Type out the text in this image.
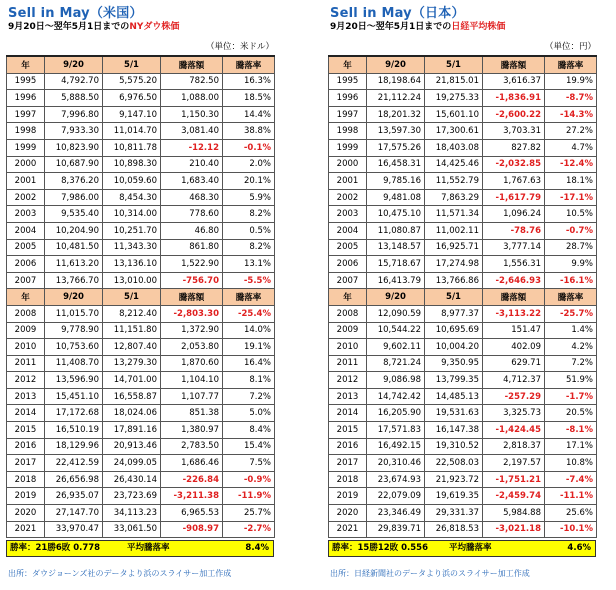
Sell in May（米国）
9月20日～翌年5月1日までのNYダウ株価
（単位：米ドル）
年	9/20	5/1	騰落額	騰落率
1995	4,792.70	5,575.20	782.50	16.3%
1996	5,888.50	6,976.50	1,088.00	18.5%
1997	7,996.80	9,147.10	1,150.30	14.4%
1998	7,933.30	11,014.70	3,081.40	38.8%
1999	10,823.90	10,811.78	-12.12	-0.1%
2000	10,687.90	10,898.30	210.40	2.0%
2001	8,376.20	10,059.60	1,683.40	20.1%
2002	7,986.00	8,454.30	468.30	5.9%
2003	9,535.40	10,314.00	778.60	8.2%
2004	10,204.90	10,251.70	46.80	0.5%
2005	10,481.50	11,343.30	861.80	8.2%
2006	11,613.20	13,136.10	1,522.90	13.1%
2007	13,766.70	13,010.00	-756.70	-5.5%
年	9/20	5/1	騰落額	騰落率
2008	11,015.70	8,212.40	-2,803.30	-25.4%
2009	9,778.90	11,151.80	1,372.90	14.0%
2010	10,753.60	12,807.40	2,053.80	19.1%
2011	11,408.70	13,279.30	1,870.60	16.4%
2012	13,596.90	14,701.00	1,104.10	8.1%
2013	15,451.10	16,558.87	1,107.77	7.2%
2014	17,172.68	18,024.06	851.38	5.0%
2015	16,510.19	17,891.16	1,380.97	8.4%
2016	18,129.96	20,913.46	2,783.50	15.4%
2017	22,412.59	24,099.05	1,686.46	7.5%
2018	26,656.98	26,430.14	-226.84	-0.9%
2019	26,935.07	23,723.69	-3,211.38	-11.9%
2020	27,147.70	34,113.23	6,965.53	25.7%
2021	33,970.47	33,061.50	-908.97	-2.7%
勝率：21勝6敗 0.778	平均騰落率	8.4%
出所：ダウジョーンズ社のデータより浜のスライサー加工作成
Sell in May（日本）
9月20日～翌年5月1日までの日経平均株価
（単位：円）
年	9/20	5/1	騰落額	騰落率
1995	18,198.64	21,815.01	3,616.37	19.9%
1996	21,112.24	19,275.33	-1,836.91	-8.7%
1997	18,201.32	15,601.10	-2,600.22	-14.3%
1998	13,597.30	17,300.61	3,703.31	27.2%
1999	17,575.26	18,403.08	827.82	4.7%
2000	16,458.31	14,425.46	-2,032.85	-12.4%
2001	9,785.16	11,552.79	1,767.63	18.1%
2002	9,481.08	7,863.29	-1,617.79	-17.1%
2003	10,475.10	11,571.34	1,096.24	10.5%
2004	11,080.87	11,002.11	-78.76	-0.7%
2005	13,148.57	16,925.71	3,777.14	28.7%
2006	15,718.67	17,274.98	1,556.31	9.9%
2007	16,413.79	13,766.86	-2,646.93	-16.1%
年	9/20	5/1	騰落額	騰落率
2008	12,090.59	8,977.37	-3,113.22	-25.7%
2009	10,544.22	10,695.69	151.47	1.4%
2010	9,602.11	10,004.20	402.09	4.2%
2011	8,721.24	9,350.95	629.71	7.2%
2012	9,086.98	13,799.35	4,712.37	51.9%
2013	14,742.42	14,485.13	-257.29	-1.7%
2014	16,205.90	19,531.63	3,325.73	20.5%
2015	17,571.83	16,147.38	-1,424.45	-8.1%
2016	16,492.15	19,310.52	2,818.37	17.1%
2017	20,310.46	22,508.03	2,197.57	10.8%
2018	23,674.93	21,923.72	-1,751.21	-7.4%
2019	22,079.09	19,619.35	-2,459.74	-11.1%
2020	23,346.49	29,331.37	5,984.88	25.6%
2021	29,839.71	26,818.53	-3,021.18	-10.1%
勝率：15勝12敗 0.556 平均騰落率	4.6%
出所：日経新聞社のデータより浜のスライサー加工作成
